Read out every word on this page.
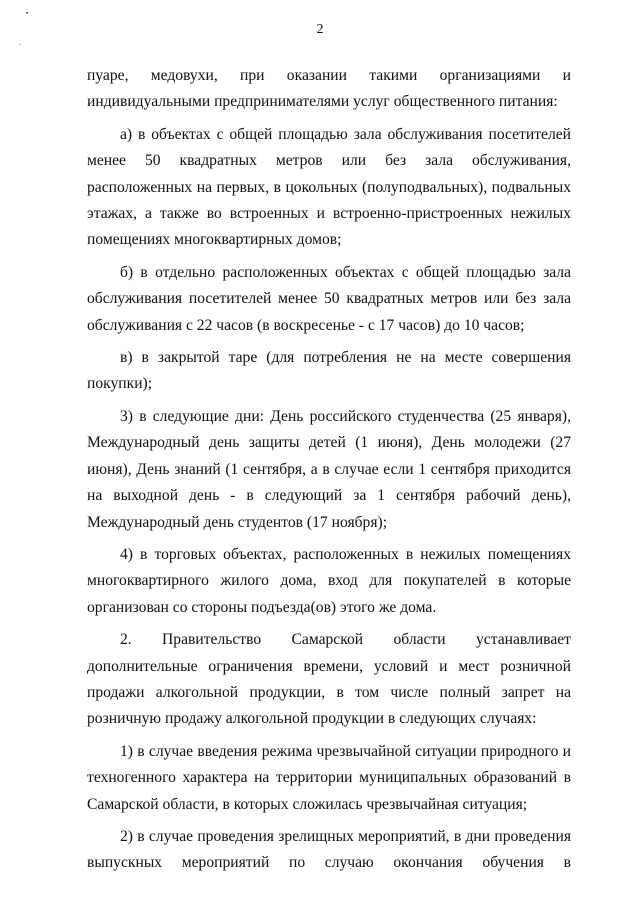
2

пуаре, медовухи, при оказании такими организациями и индивидуальными предпринимателями услуг общественного питания:

а) в объектах с общей площадью зала обслуживания посетителей менее 50 квадратных метров или без зала обслуживания, расположенных на первых, в цокольных (полуподвальных), подвальных этажах, а также во встроенных и встроенно-пристроенных нежилых помещениях многоквартирных домов;

б) в отдельно расположенных объектах с общей площадью зала обслуживания посетителей менее 50 квадратных метров или без зала обслуживания с 22 часов (в воскресенье - с 17 часов) до 10 часов;

в) в закрытой таре (для потребления не на месте совершения покупки);

3) в следующие дни: День российского студенчества (25 января), Международный день защиты детей (1 июня), День молодежи (27 июня), День знаний (1 сентября, а в случае если 1 сентября приходится на выходной день - в следующий за 1 сентября рабочий день), Международный день студентов (17 ноября);

4) в торговых объектах, расположенных в нежилых помещениях многоквартирного жилого дома, вход для покупателей в которые организован со стороны подъезда(ов) этого же дома.

2. Правительство Самарской области устанавливает дополнительные ограничения времени, условий и мест розничной продажи алкогольной продукции, в том числе полный запрет на розничную продажу алкогольной продукции в следующих случаях:

1) в случае введения режима чрезвычайной ситуации природного и техногенного характера на территории муниципальных образований в Самарской области, в которых сложилась чрезвычайная ситуация;

2) в случае проведения зрелищных мероприятий, в дни проведения выпускных мероприятий по случаю окончания обучения в
